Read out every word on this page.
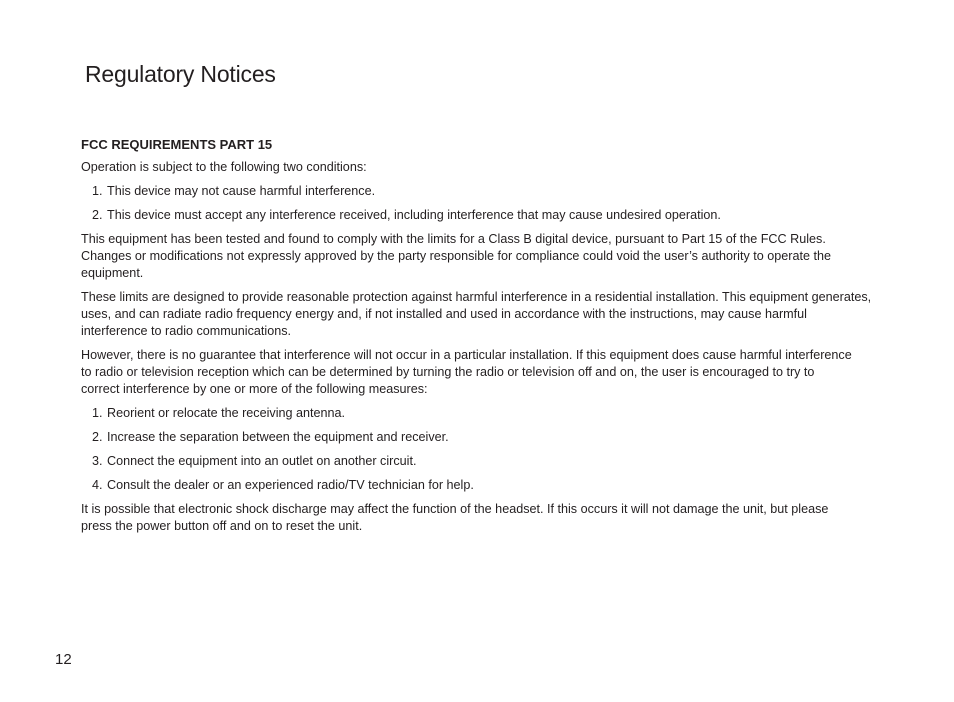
Regulatory Notices
FCC REQUIREMENTS PART 15

Operation is subject to the following two conditions:

1. This device may not cause harmful interference.
2. This device must accept any interference received, including interference that may cause undesired operation.

This equipment has been tested and found to comply with the limits for a Class B digital device, pursuant to Part 15 of the FCC Rules. Changes or modifications not expressly approved by the party responsible for compliance could void the user’s authority to operate the equipment.

These limits are designed to provide reasonable protection against harmful interference in a residential installation. This equipment generates, uses, and can radiate radio frequency energy and, if not installed and used in accordance with the instructions, may cause harmful interference to radio communications.

However, there is no guarantee that interference will not occur in a particular installation. If this equipment does cause harmful interference to radio or television reception which can be determined by turning the radio or television off and on, the user is encouraged to try to correct interference by one or more of the following measures:

1. Reorient or relocate the receiving antenna.
2. Increase the separation between the equipment and receiver.
3. Connect the equipment into an outlet on another circuit.
4. Consult the dealer or an experienced radio/TV technician for help.

It is possible that electronic shock discharge may affect the function of the headset. If this occurs it will not damage the unit, but please press the power button off and on to reset the unit.

12
